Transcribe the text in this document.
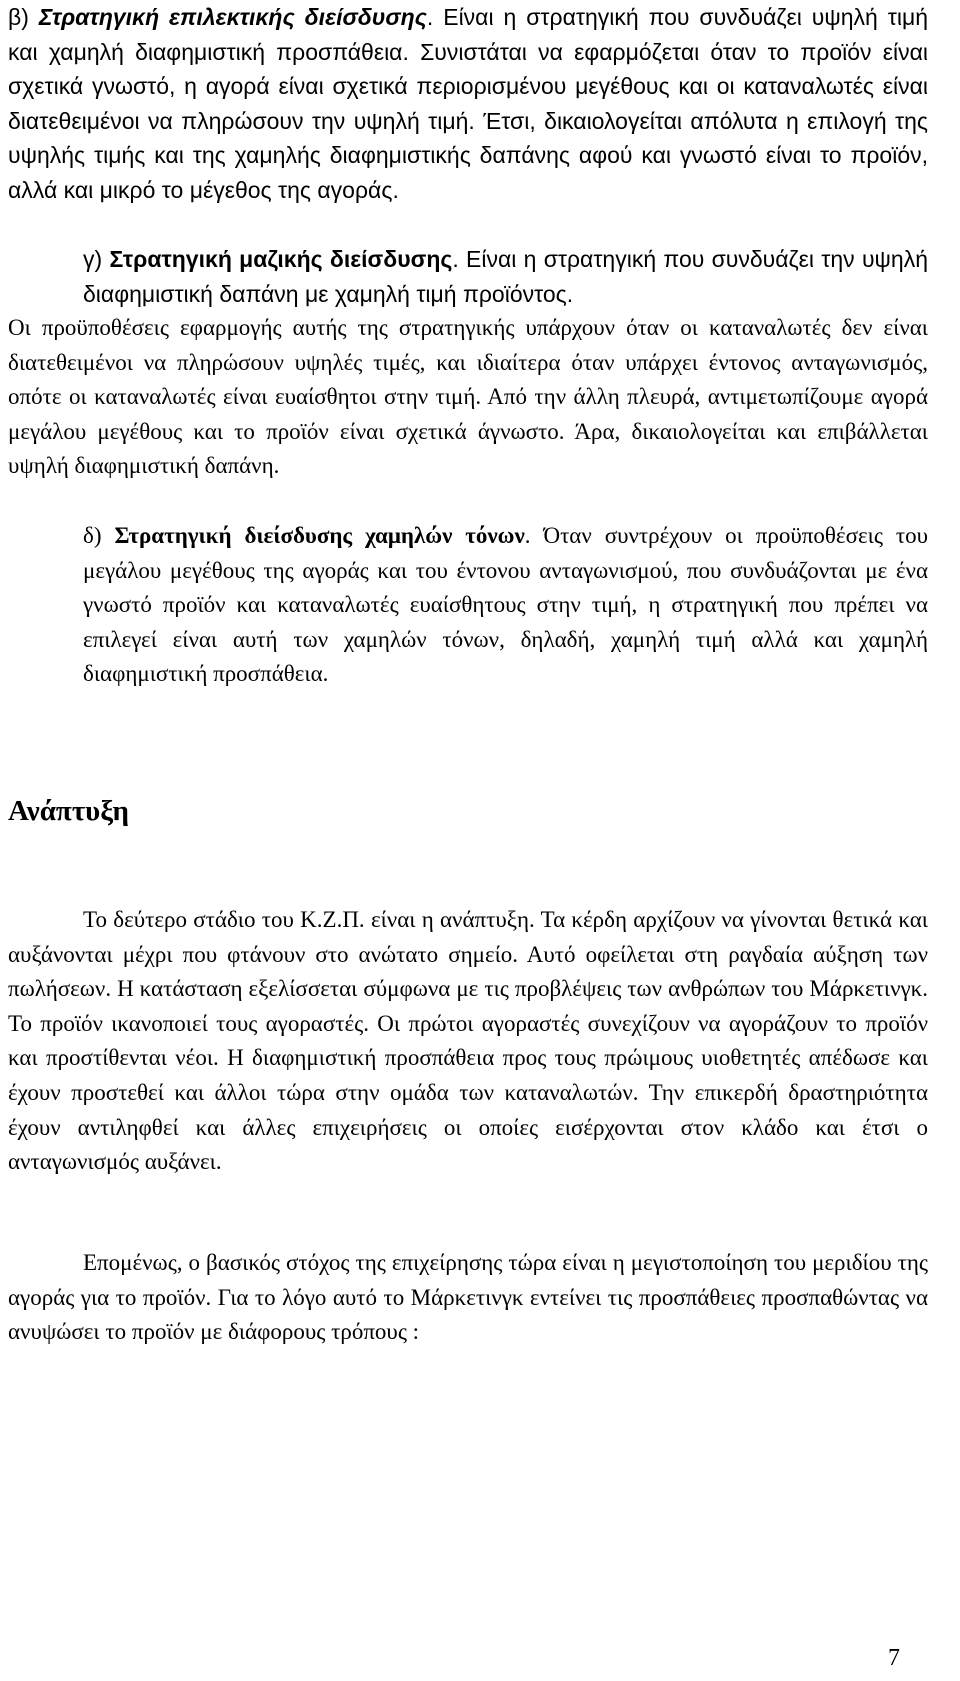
β) Στρατηγική επιλεκτικής διείσδυσης. Είναι η στρατηγική που συνδυάζει υψηλή τιμή και χαμηλή διαφημιστική προσπάθεια. Συνιστάται να εφαρμόζεται όταν το προϊόν είναι σχετικά γνωστό, η αγορά είναι σχετικά περιορισμένου μεγέθους και οι καταναλωτές είναι διατεθειμένοι να πληρώσουν την υψηλή τιμή. Έτσι, δικαιολογείται απόλυτα η επιλογή της υψηλής τιμής και της χαμηλής διαφημιστικής δαπάνης αφού και γνωστό είναι το προϊόν, αλλά και μικρό το μέγεθος της αγοράς.
γ) Στρατηγική μαζικής διείσδυσης. Είναι η στρατηγική που συνδυάζει την υψηλή διαφημιστική δαπάνη με χαμηλή τιμή προϊόντος.
Οι προϋποθέσεις εφαρμογής αυτής της στρατηγικής υπάρχουν όταν οι καταναλωτές δεν είναι διατεθειμένοι να πληρώσουν υψηλές τιμές, και ιδιαίτερα όταν υπάρχει έντονος ανταγωνισμός, οπότε οι καταναλωτές είναι ευαίσθητοι στην τιμή. Από την άλλη πλευρά, αντιμετωπίζουμε αγορά μεγάλου μεγέθους και το προϊόν είναι σχετικά άγνωστο. Άρα, δικαιολογείται και επιβάλλεται υψηλή διαφημιστική δαπάνη.
δ) Στρατηγική διείσδυσης χαμηλών τόνων. Όταν συντρέχουν οι προϋποθέσεις του μεγάλου μεγέθους της αγοράς και του έντονου ανταγωνισμού, που συνδυάζονται με ένα γνωστό προϊόν και καταναλωτές ευαίσθητους στην τιμή, η στρατηγική που πρέπει να επιλεγεί είναι αυτή των χαμηλών τόνων, δηλαδή, χαμηλή τιμή αλλά και χαμηλή διαφημιστική προσπάθεια.
Ανάπτυξη
Το δεύτερο στάδιο του Κ.Ζ.Π. είναι η ανάπτυξη. Τα κέρδη αρχίζουν να γίνονται θετικά και αυξάνονται μέχρι που φτάνουν στο ανώτατο σημείο. Αυτό οφείλεται στη ραγδαία αύξηση των πωλήσεων. Η κατάσταση εξελίσσεται σύμφωνα με τις προβλέψεις των ανθρώπων του Μάρκετινγκ. Το προϊόν ικανοποιεί τους αγοραστές. Οι πρώτοι αγοραστές συνεχίζουν να αγοράζουν το προϊόν και προστίθενται νέοι. Η διαφημιστική προσπάθεια προς τους πρώιμους υιοθετητές απέδωσε και έχουν προστεθεί και άλλοι τώρα στην ομάδα των καταναλωτών. Την επικερδή δραστηριότητα έχουν αντιληφθεί και άλλες επιχειρήσεις οι οποίες εισέρχονται στον κλάδο και έτσι ο ανταγωνισμός αυξάνει.
Επομένως, ο βασικός στόχος της επιχείρησης τώρα είναι η μεγιστοποίηση του μεριδίου της αγοράς για το προϊόν. Για το λόγο αυτό το Μάρκετινγκ εντείνει τις προσπάθειες προσπαθώντας να ανυψώσει το προϊόν με διάφορους τρόπους :
7
